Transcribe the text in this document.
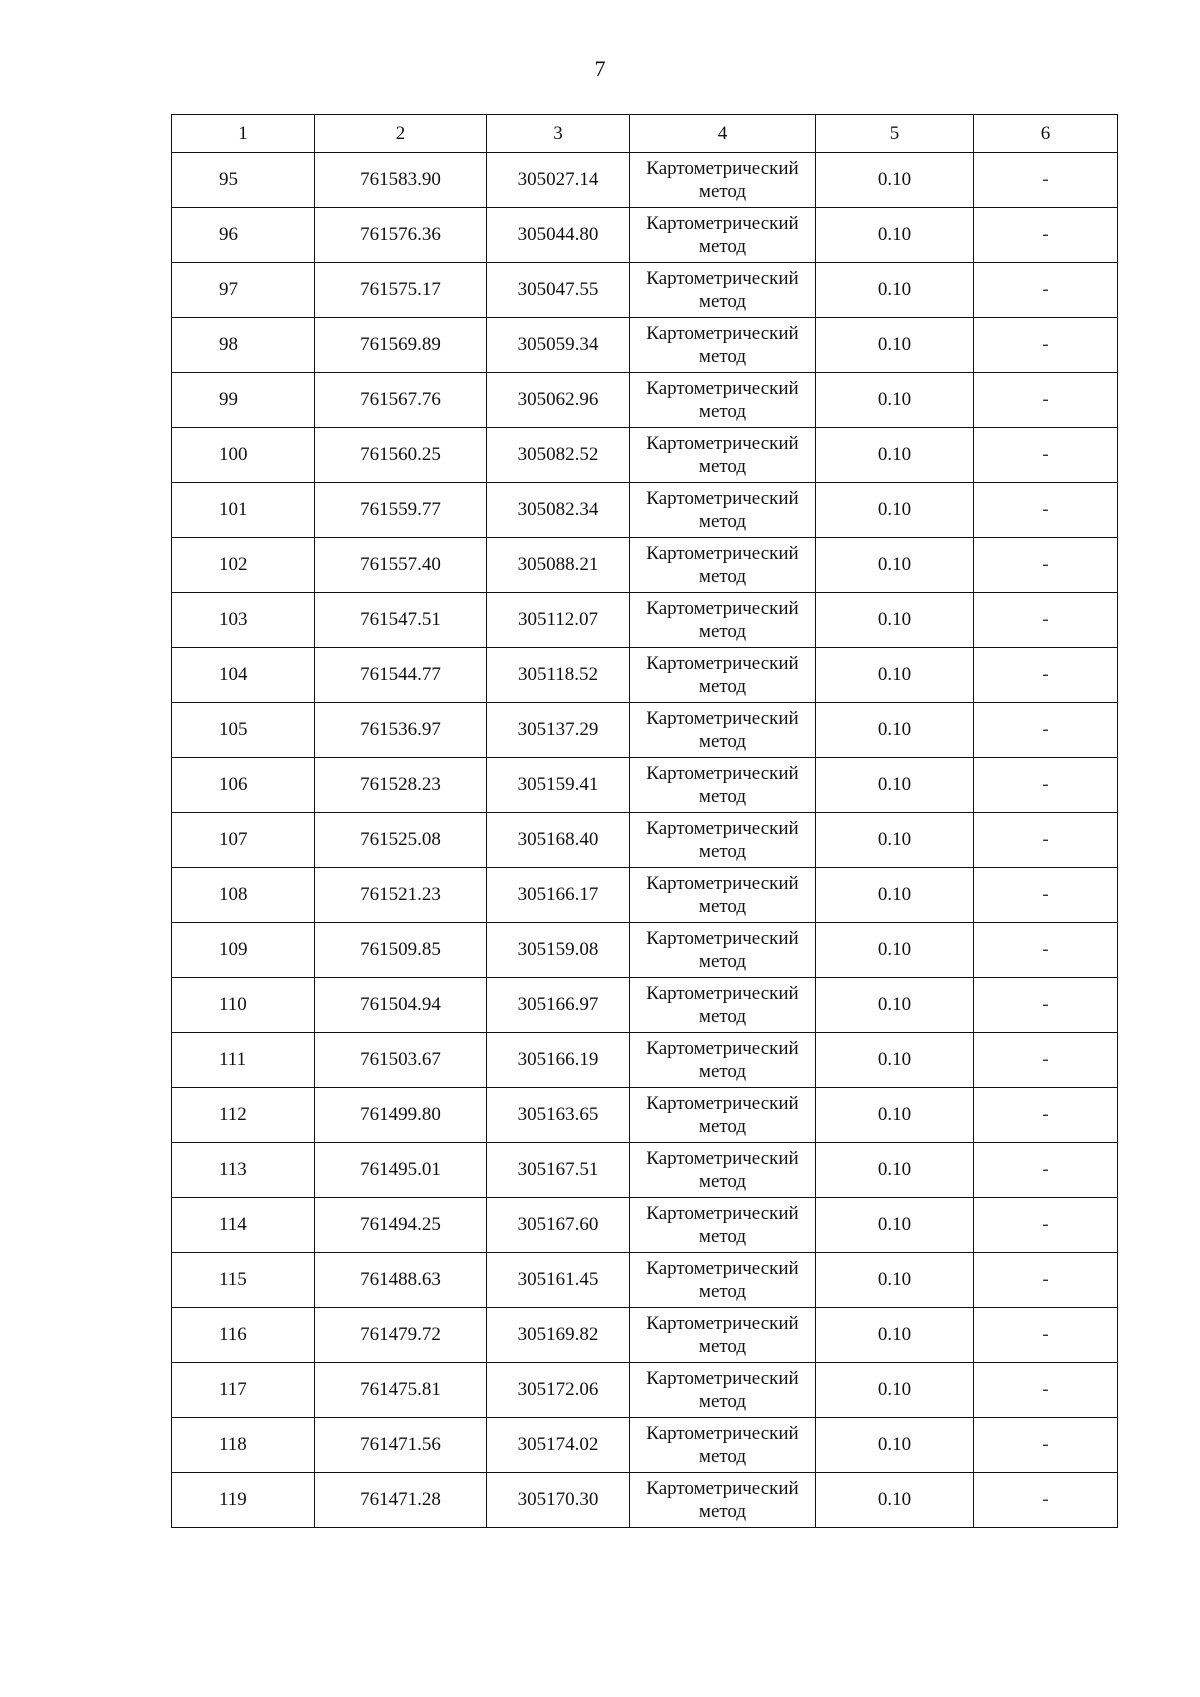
7
1	2	3	4	5	6
95	761583.90	305027.14	Картометрический
метод	0.10	-
96	761576.36	305044.80	Картометрический
метод	0.10	-
97	761575.17	305047.55	Картометрический
метод	0.10	-
98	761569.89	305059.34	Картометрический
метод	0.10	-
99	761567.76	305062.96	Картометрический
метод	0.10	-
100	761560.25	305082.52	Картометрический
метод	0.10	-
101	761559.77	305082.34	Картометрический
метод	0.10	-
102	761557.40	305088.21	Картометрический
метод	0.10	-
103	761547.51	305112.07	Картометрический
метод	0.10	-
104	761544.77	305118.52	Картометрический
метод	0.10	-
105	761536.97	305137.29	Картометрический
метод	0.10	-
106	761528.23	305159.41	Картометрический
метод	0.10	-
107	761525.08	305168.40	Картометрический
метод	0.10	-
108	761521.23	305166.17	Картометрический
метод	0.10	-
109	761509.85	305159.08	Картометрический
метод	0.10	-
110	761504.94	305166.97	Картометрический
метод	0.10	-
111	761503.67	305166.19	Картометрический
метод	0.10	-
112	761499.80	305163.65	Картометрический
метод	0.10	-
113	761495.01	305167.51	Картометрический
метод	0.10	-
114	761494.25	305167.60	Картометрический
метод	0.10	-
115	761488.63	305161.45	Картометрический
метод	0.10	-
116	761479.72	305169.82	Картометрический
метод	0.10	-
117	761475.81	305172.06	Картометрический
метод	0.10	-
118	761471.56	305174.02	Картометрический
метод	0.10	-
119	761471.28	305170.30	Картометрический
метод	0.10	-
